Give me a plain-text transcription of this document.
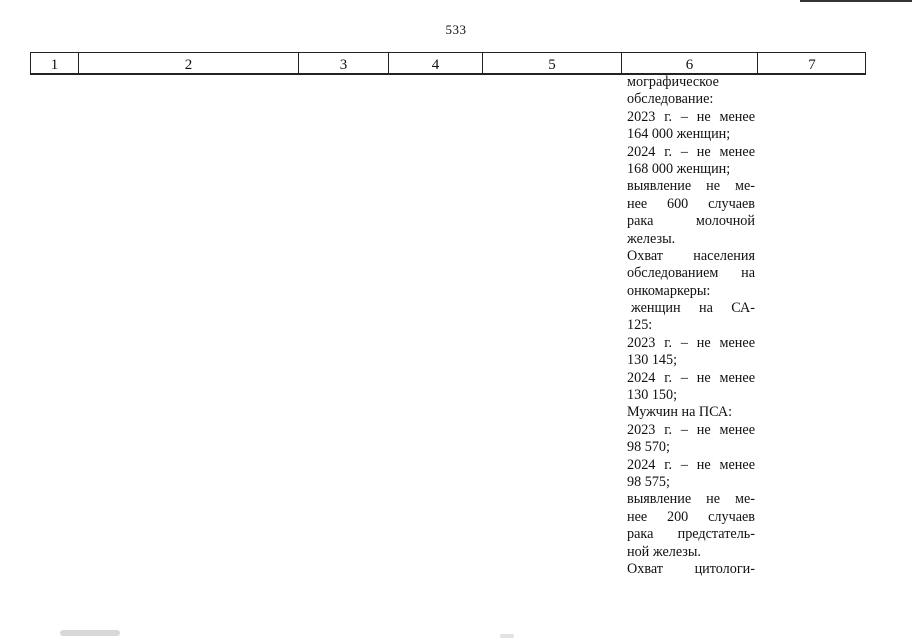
533
1	2	3	4	5	6	7
мографическое
обследование:
2023 г. – не менее
164 000 женщин;
2024 г. – не менее
168 000 женщин;
выявление не ме-
нее 600 случаев
рака молочной
железы.
Охват населения
обследованием на
онкомаркеры:
женщин на СА-
125:
2023 г. – не менее
130 145;
2024 г. – не менее
130 150;
Мужчин на ПСА:
2023 г. – не менее
98 570;
2024 г. – не менее
98 575;
выявление не ме-
нее 200 случаев
рака предстатель-
ной железы.
Охват цитологи-
